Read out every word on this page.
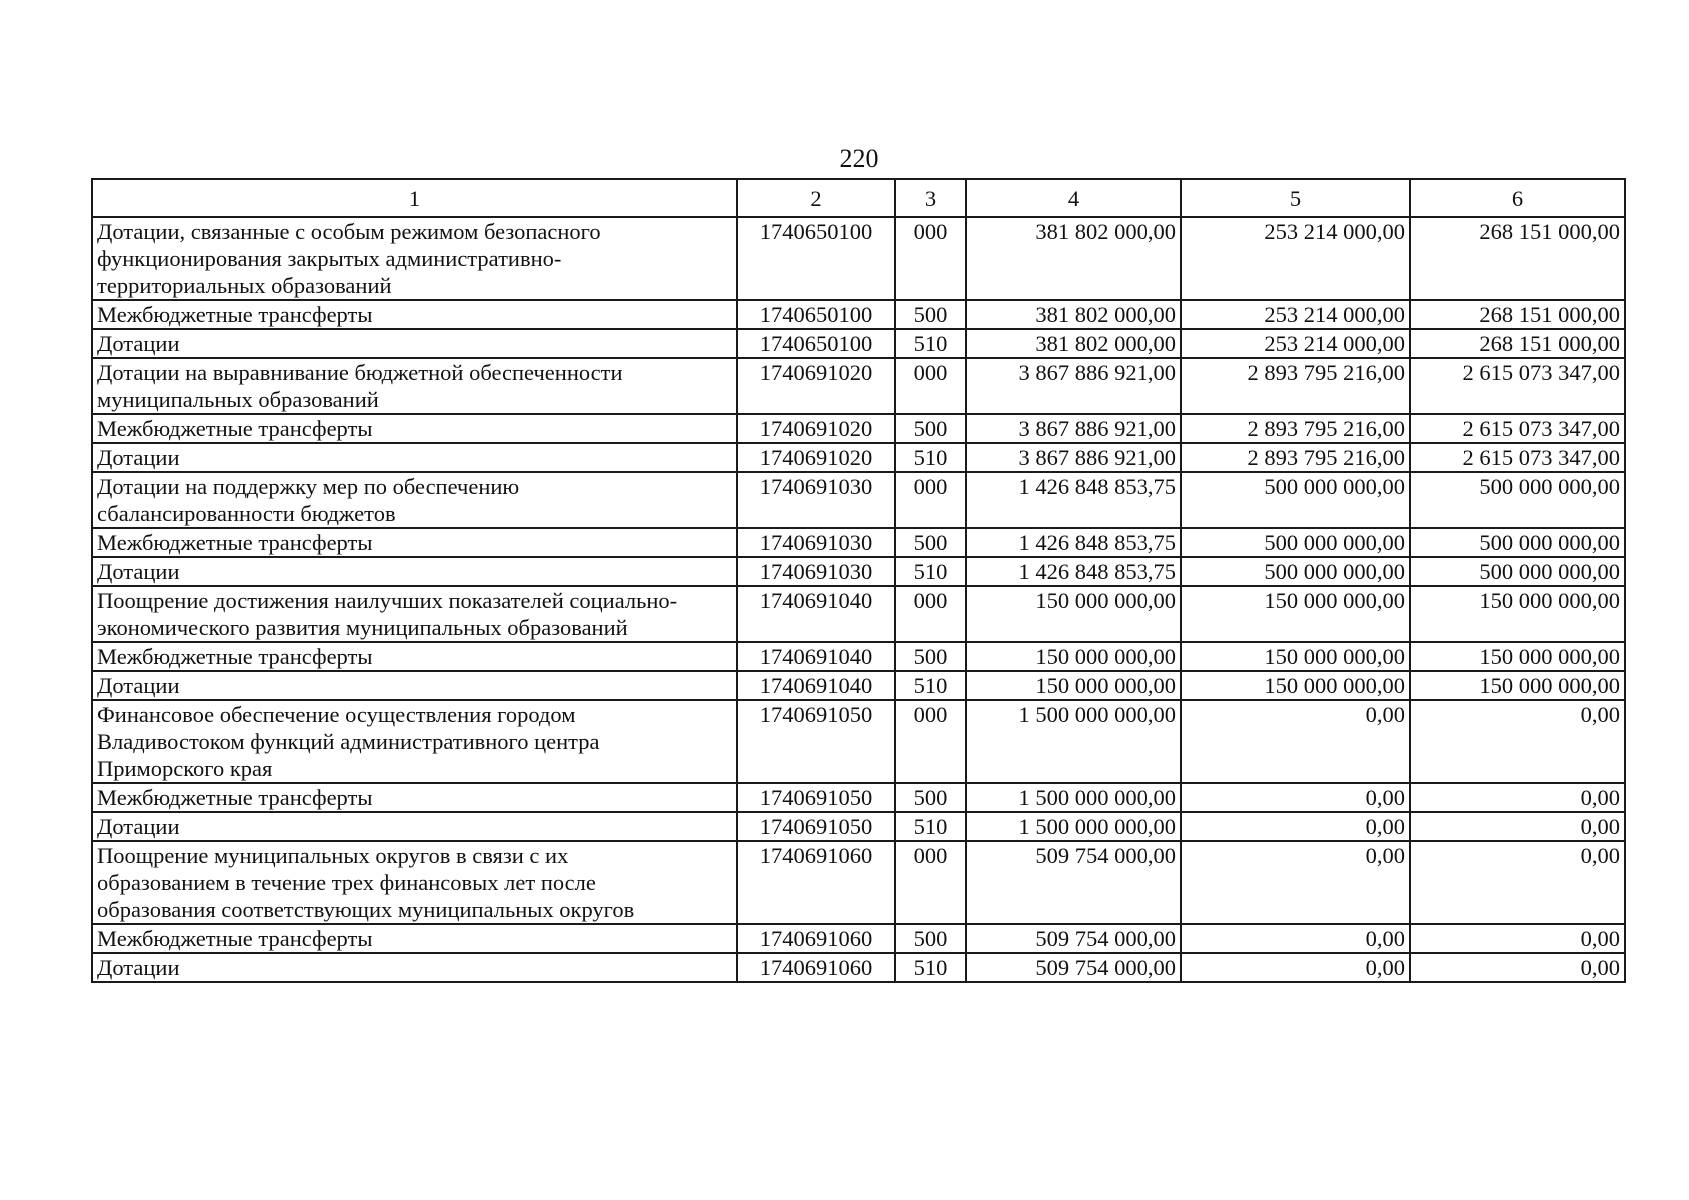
220
1	2	3	4	5	6

Дотации, связанные с особым режимом безопасного
функционирования закрытых административно-
территориальных образований	1740650100	000	381 802 000,00	253 214 000,00	268 151 000,00

Межбюджетные трансферты	1740650100	500	381 802 000,00	253 214 000,00	268 151 000,00

Дотации	1740650100	510	381 802 000,00	253 214 000,00	268 151 000,00

Дотации на выравнивание бюджетной обеспеченности
муниципальных образований	1740691020	000	3 867 886 921,00	2 893 795 216,00	2 615 073 347,00

Межбюджетные трансферты	1740691020	500	3 867 886 921,00	2 893 795 216,00	2 615 073 347,00

Дотации	1740691020	510	3 867 886 921,00	2 893 795 216,00	2 615 073 347,00

Дотации на поддержку мер по обеспечению
сбалансированности бюджетов	1740691030	000	1 426 848 853,75	500 000 000,00	500 000 000,00

Межбюджетные трансферты	1740691030	500	1 426 848 853,75	500 000 000,00	500 000 000,00

Дотации	1740691030	510	1 426 848 853,75	500 000 000,00	500 000 000,00

Поощрение достижения наилучших показателей социально-
экономического развития муниципальных образований	1740691040	000	150 000 000,00	150 000 000,00	150 000 000,00

Межбюджетные трансферты	1740691040	500	150 000 000,00	150 000 000,00	150 000 000,00

Дотации	1740691040	510	150 000 000,00	150 000 000,00	150 000 000,00

Финансовое обеспечение осуществления городом
Владивостоком функций административного центра
Приморского края	1740691050	000	1 500 000 000,00	0,00	0,00

Межбюджетные трансферты	1740691050	500	1 500 000 000,00	0,00	0,00

Дотации	1740691050	510	1 500 000 000,00	0,00	0,00

Поощрение муниципальных округов в связи с их
образованием в течение трех финансовых лет после
образования соответствующих муниципальных округов	1740691060	000	509 754 000,00	0,00	0,00

Межбюджетные трансферты	1740691060	500	509 754 000,00	0,00	0,00

Дотации	1740691060	510	509 754 000,00	0,00	0,00
